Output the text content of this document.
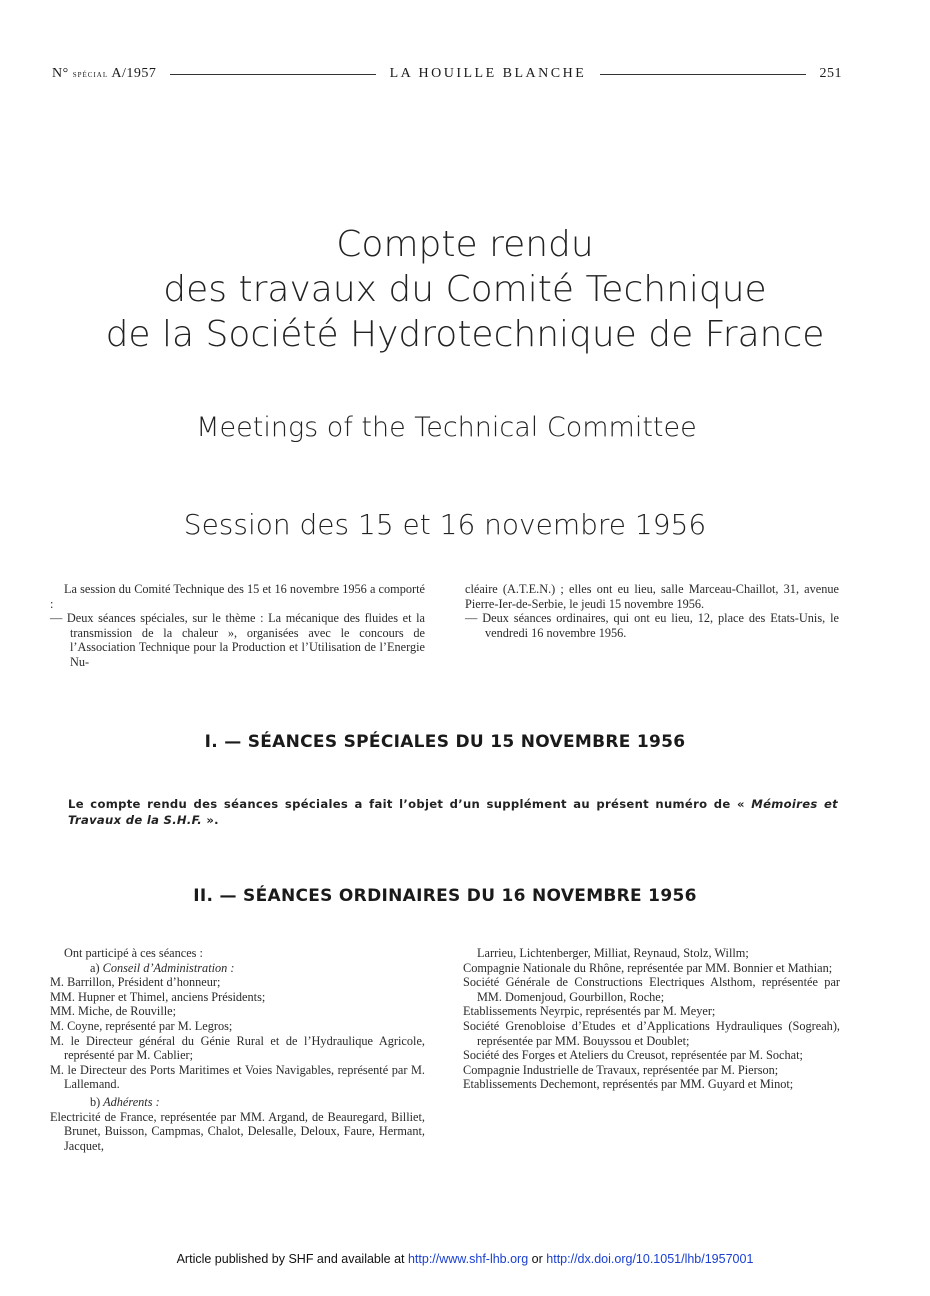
N° spécial A/1957	LA HOUILLE BLANCHE	251
Compte rendu
des travaux du Comité Technique
de la Société Hydrotechnique de France
Meetings of the Technical Committee
Session des 15 et 16 novembre 1956

La session du Comité Technique des 15 et 16 novembre 1956 a comporté :

— Deux séances spéciales, sur le thème : La mécanique des fluides et la transmission de la chaleur », organisées avec le concours de l’Association Technique pour la Production et l’Utilisation de l’Energie Nu-

cléaire (A.T.E.N.) ; elles ont eu lieu, salle Marceau-Chaillot, 31, avenue Pierre-Ier-de-Serbie, le jeudi 15 novembre 1956.

— Deux séances ordinaires, qui ont eu lieu, 12, place des Etats-Unis, le vendredi 16 novembre 1956.

I. — SÉANCES SPÉCIALES DU 15 NOVEMBRE 1956
Le compte rendu des séances spéciales a fait l’objet d’un supplément au présent numéro de « Mémoires et Travaux de la S.H.F. ».
II. — SÉANCES ORDINAIRES DU 16 NOVEMBRE 1956

Ont participé à ces séances :

a) Conseil d’Administration :

M. Barrillon, Président d’honneur;

MM. Hupner et Thimel, anciens Présidents;

MM. Miche, de Rouville;

M. Coyne, représenté par M. Legros;

M. le Directeur général du Génie Rural et de l’Hydraulique Agricole, représenté par M. Cablier;

M. le Directeur des Ports Maritimes et Voies Navigables, représenté par M. Lallemand.

b) Adhérents :

Electricité de France, représentée par MM. Argand, de Beauregard, Billiet, Brunet, Buisson, Campmas, Chalot, Delesalle, Deloux, Faure, Hermant, Jacquet,

Larrieu, Lichtenberger, Milliat, Reynaud, Stolz, Willm;

Compagnie Nationale du Rhône, représentée par MM. Bonnier et Mathian;

Société Générale de Constructions Electriques Alsthom, représentée par MM. Domenjoud, Gourbillon, Roche;

Etablissements Neyrpic, représentés par M. Meyer;

Société Grenobloise d’Etudes et d’Applications Hydrauliques (Sogreah), représentée par MM. Bouyssou et Doublet;

Société des Forges et Ateliers du Creusot, représentée par M. Sochat;

Compagnie Industrielle de Travaux, représentée par M. Pierson;

Etablissements Dechemont, représentés par MM. Guyard et Minot;

Article published by SHF and available at http://www.shf-lhb.org or http://dx.doi.org/10.1051/lhb/1957001
